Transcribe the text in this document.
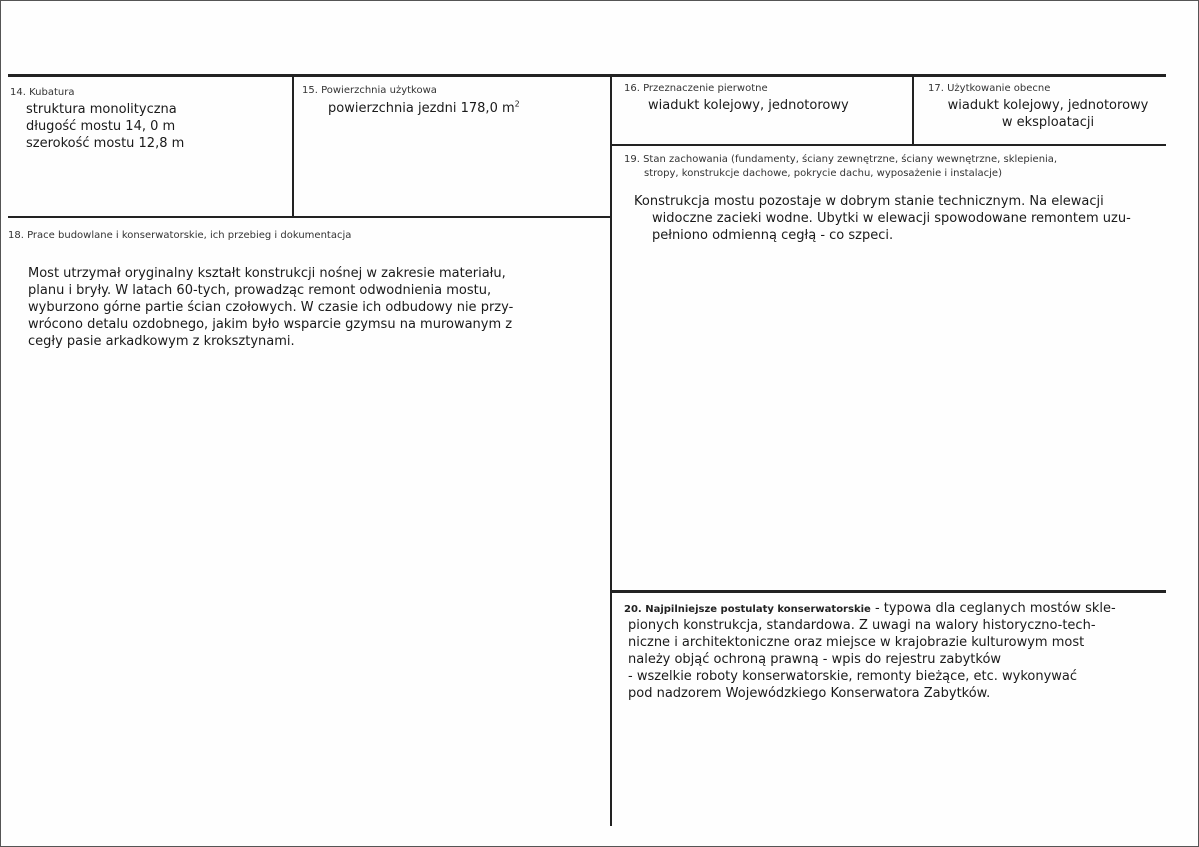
14. Kubatura
struktura monolityczna
długość mostu 14, 0 m
szerokość mostu 12,8 m
15. Powierzchnia użytkowa
powierzchnia jezdni 178,0 $m^2$
16. Przeznaczenie pierwotne
wiadukt kolejowy, jednotorowy
17. Użytkowanie obecne
wiadukt kolejowy, jednotorowy
w eksploatacji
19. Stan zachowania (fundamenty, ściany zewnętrzne, ściany wewnętrzne, sklepienia,
stropy, konstrukcje dachowe, pokrycie dachu, wyposażenie i instalacje)
Konstrukcja mostu pozostaje w dobrym stanie technicznym. Na elewacji
widoczne zacieki wodne. Ubytki w elewacji spowodowane remontem uzu-
pełniono odmienną cegłą - co szpeci.
18. Prace budowlane i konserwatorskie, ich przebieg i dokumentacja
Most utrzymał oryginalny kształt konstrukcji nośnej w zakresie materiału,
planu i bryły. W latach 60-tych, prowadząc remont odwodnienia mostu,
wyburzono górne partie ścian czołowych. W czasie ich odbudowy nie przy-
wrócono detalu ozdobnego, jakim było wsparcie gzymsu na murowanym z
cegły pasie arkadkowym z kroksztynami.
20. Najpilniejsze postulaty konserwatorskie - typowa dla ceglanych mostów skle-
pionych konstrukcja, standardowa. Z uwagi na walory historyczno-tech-
niczne i architektoniczne oraz miejsce w krajobrazie kulturowym most
należy objąć ochroną prawną - wpis do rejestru zabytków
- wszelkie roboty konserwatorskie, remonty bieżące, etc. wykonywać
pod nadzorem Wojewódzkiego Konserwatora Zabytków.
